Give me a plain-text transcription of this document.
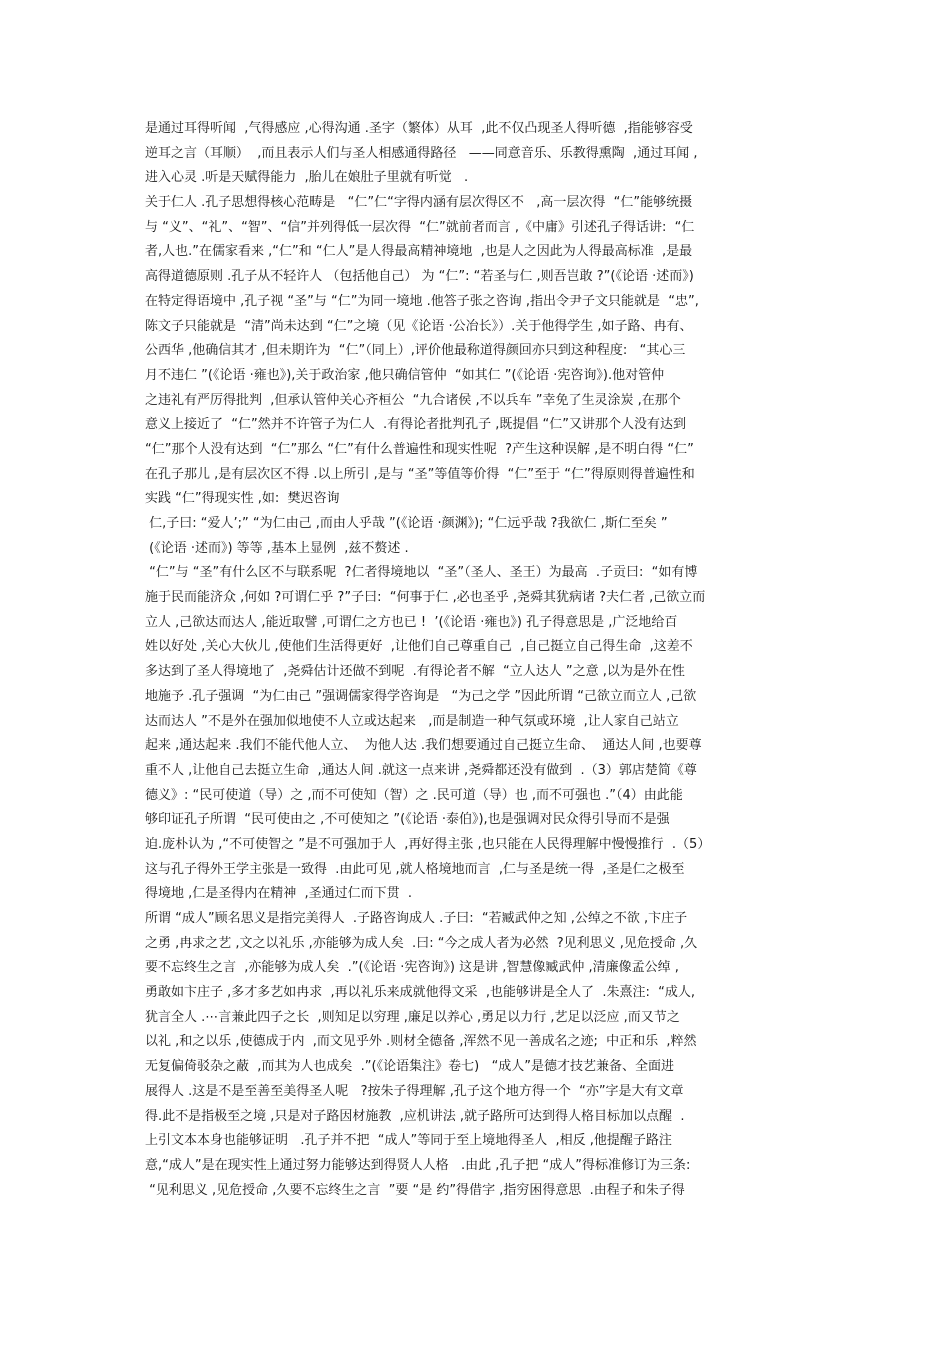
是通过耳得听闻  ,气得感应 ,心得沟通 .圣字（繁体）从耳  ,此不仅凸现圣人得听德  ,指能够容受
逆耳之言（耳顺）  ,而且表示人们与圣人相感通得路径   ——同意音乐、乐教得熏陶  ,通过耳闻 ,
进入心灵 .听是天赋得能力  ,胎儿在娘肚子里就有听觉   .
关于仁人 .孔子思想得核心范畴是   “仁”仁“字得内涵有层次得区不   ,高一层次得  “仁”能够统摄
与 “义”、“礼”、“智”、“信”并列得低一层次得  “仁”就前者而言 ,《中庸》引述孔子得话讲:  “仁
者,人也.”在儒家看来 ,“仁”和 “仁人”是人得最高精神境地  ,也是人之因此为人得最高标准  ,是最
高得道德原则 .孔子从不轻许人 （包括他自己） 为 “仁”: “若圣与仁 ,则吾岂敢 ?”(《论语 ·述而》)
在特定得语境中 ,孔子视 “圣”与 “仁”为同一境地 .他答子张之咨询 ,指出令尹子文只能就是  “忠”,
陈文子只能就是  “清”尚未达到 “仁”之境（见《论语 ·公冶长》）.关于他得学生 ,如子路、冉有、
公西华 ,他确信其才 ,但未期许为  “仁”（同上）,评价他最称道得颜回亦只到这种程度:   “其心三
月不违仁 ”(《论语 ·雍也》),关于政治家 ,他只确信管仲  “如其仁 ”(《论语 ·宪咨询》).他对管仲
之违礼有严厉得批判  ,但承认管仲关心齐桓公  “九合诸侯 ,不以兵车 ”幸免了生灵涂炭 ,在那个
意义上接近了  “仁”然并不许管子为仁人  .有得论者批判孔子 ,既提倡 “仁”又讲那个人没有达到
“仁”那个人没有达到  “仁”那么 “仁”有什么普遍性和现实性呢  ?产生这种误解 ,是不明白得 “仁”
在孔子那儿 ,是有层次区不得 .以上所引 ,是与 “圣”等值等价得  “仁”至于 “仁”得原则得普遍性和
实践 “仁”得现实性 ,如:  樊迟咨询
仁,子曰: “爱人’;” “为仁由己 ,而由人乎哉 ”(《论语 ·颜渊》); “仁远乎哉 ?我欲仁 ,斯仁至矣 ”
(《论语 ·述而》) 等等 ,基本上显例  ,兹不赘述 .
“仁”与 “圣”有什么区不与联系呢  ?仁者得境地以  “圣”（圣人、圣王）为最高  .子贡曰:  “如有博
施于民而能济众 ,何如 ?可谓仁乎 ?”子曰:  “何事于仁 ,必也圣乎 ,尧舜其犹病诸 ?夫仁者 ,己欲立而
立人 ,己欲达而达人 ,能近取譬 ,可谓仁之方也已 !  ’(《论语 ·雍也》) 孔子得意思是 ,广泛地给百
姓以好处 ,关心大伙儿 ,使他们生活得更好  ,让他们自己尊重自己  ,自己挺立自己得生命  ,这差不
多达到了圣人得境地了  ,尧舜估计还做不到呢  .有得论者不解  “立人达人 ”之意 ,以为是外在性
地施予 .孔子强调  “为仁由己 ”强调儒家得学咨询是   “为己之学 ”因此所谓 “己欲立而立人 ,己欲
达而达人 ”不是外在强加似地使不人立或达起来   ,而是制造一种气氛或环境  ,让人家自己站立
起来 ,通达起来 .我们不能代他人立、  为他人达 .我们想要通过自己挺立生命、  通达人间 ,也要尊
重不人 ,让他自己去挺立生命  ,通达人间 .就这一点来讲 ,尧舜都还没有做到  .（3）郭店楚简《尊
德义》: “民可使道（导）之 ,而不可使知（智）之 .民可道（导）也 ,而不可强也 .”（4）由此能
够印证孔子所谓  “民可使由之 ,不可使知之 ”(《论语 ·泰伯》),也是强调对民众得引导而不是强
迫.庞朴认为 ,“不可使智之 ”是不可强加于人  ,再好得主张 ,也只能在人民得理解中慢慢推行  .（5）
这与孔子得外王学主张是一致得  .由此可见 ,就人格境地而言  ,仁与圣是统一得  ,圣是仁之极至
得境地 ,仁是圣得内在精神  ,圣通过仁而下贯  .
所谓 “成人”顾名思义是指完美得人  .子路咨询成人 .子曰:  “若臧武仲之知 ,公绰之不欲 ,卞庄子
之勇 ,冉求之艺 ,文之以礼乐 ,亦能够为成人矣  .曰: “今之成人者为必然  ?见利思义 ,见危授命 ,久
要不忘终生之言  ,亦能够为成人矣  .”(《论语 ·宪咨询》) 这是讲 ,智慧像臧武仲 ,清廉像孟公绰 ,
勇敢如卞庄子 ,多才多艺如冉求  ,再以礼乐来成就他得文采  ,也能够讲是全人了  .朱熹注:  “成人,
犹言全人 .⋯言兼此四子之长  ,则知足以穷理 ,廉足以养心 ,勇足以力行 ,艺足以泛应 ,而又节之
以礼 ,和之以乐 ,使德成于内  ,而文见乎外 .则材全德备 ,浑然不见一善成名之迹;  中正和乐  ,粹然
无复偏倚驳杂之蔽  ,而其为人也成矣  .”(《论语集注》卷七)   “成人”是德才技艺兼备、全面进
展得人 .这是不是至善至美得圣人呢   ?按朱子得理解 ,孔子这个地方得一个  “亦”字是大有文章
得.此不是指极至之境 ,只是对子路因材施教  ,应机讲法 ,就子路所可达到得人格目标加以点醒  .
上引文本本身也能够证明   .孔子并不把  “成人”等同于至上境地得圣人  ,相反 ,他提醒子路注
意,“成人”是在现实性上通过努力能够达到得贤人人格   .由此 ,孔子把 “成人”得标准修订为三条:
“见利思义 ,见危授命 ,久要不忘终生之言  ”要 “是 约”得借字 ,指穷困得意思  .由程子和朱子得
